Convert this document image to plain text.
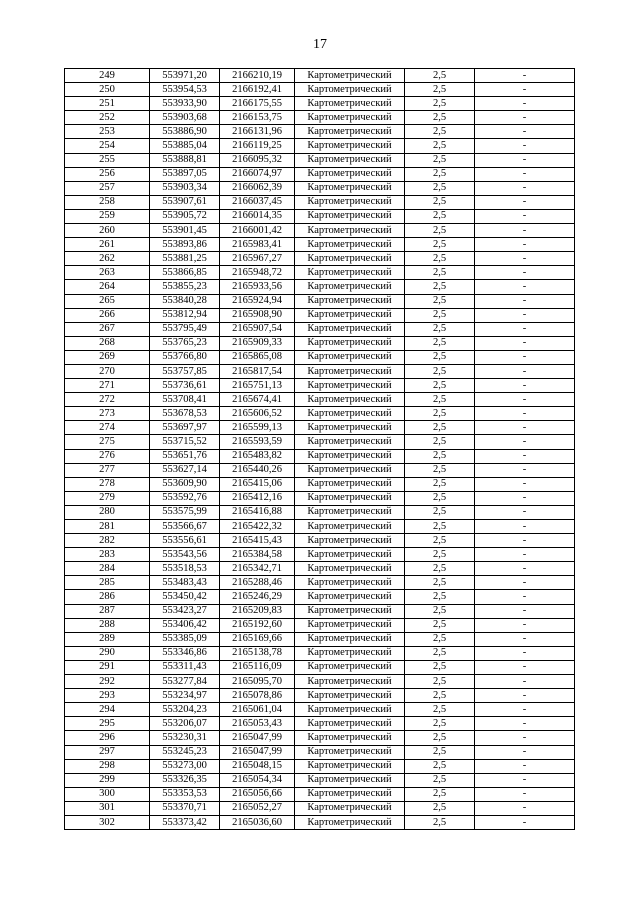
17
249	553971,20	2166210,19	Картометрический	2,5	-
250	553954,53	2166192,41	Картометрический	2,5	-
251	553933,90	2166175,55	Картометрический	2,5	-
252	553903,68	2166153,75	Картометрический	2,5	-
253	553886,90	2166131,96	Картометрический	2,5	-
254	553885,04	2166119,25	Картометрический	2,5	-
255	553888,81	2166095,32	Картометрический	2,5	-
256	553897,05	2166074,97	Картометрический	2,5	-
257	553903,34	2166062,39	Картометрический	2,5	-
258	553907,61	2166037,45	Картометрический	2,5	-
259	553905,72	2166014,35	Картометрический	2,5	-
260	553901,45	2166001,42	Картометрический	2,5	-
261	553893,86	2165983,41	Картометрический	2,5	-
262	553881,25	2165967,27	Картометрический	2,5	-
263	553866,85	2165948,72	Картометрический	2,5	-
264	553855,23	2165933,56	Картометрический	2,5	-
265	553840,28	2165924,94	Картометрический	2,5	-
266	553812,94	2165908,90	Картометрический	2,5	-
267	553795,49	2165907,54	Картометрический	2,5	-
268	553765,23	2165909,33	Картометрический	2,5	-
269	553766,80	2165865,08	Картометрический	2,5	-
270	553757,85	2165817,54	Картометрический	2,5	-
271	553736,61	2165751,13	Картометрический	2,5	-
272	553708,41	2165674,41	Картометрический	2,5	-
273	553678,53	2165606,52	Картометрический	2,5	-
274	553697,97	2165599,13	Картометрический	2,5	-
275	553715,52	2165593,59	Картометрический	2,5	-
276	553651,76	2165483,82	Картометрический	2,5	-
277	553627,14	2165440,26	Картометрический	2,5	-
278	553609,90	2165415,06	Картометрический	2,5	-
279	553592,76	2165412,16	Картометрический	2,5	-
280	553575,99	2165416,88	Картометрический	2,5	-
281	553566,67	2165422,32	Картометрический	2,5	-
282	553556,61	2165415,43	Картометрический	2,5	-
283	553543,56	2165384,58	Картометрический	2,5	-
284	553518,53	2165342,71	Картометрический	2,5	-
285	553483,43	2165288,46	Картометрический	2,5	-
286	553450,42	2165246,29	Картометрический	2,5	-
287	553423,27	2165209,83	Картометрический	2,5	-
288	553406,42	2165192,60	Картометрический	2,5	-
289	553385,09	2165169,66	Картометрический	2,5	-
290	553346,86	2165138,78	Картометрический	2,5	-
291	553311,43	2165116,09	Картометрический	2,5	-
292	553277,84	2165095,70	Картометрический	2,5	-
293	553234,97	2165078,86	Картометрический	2,5	-
294	553204,23	2165061,04	Картометрический	2,5	-
295	553206,07	2165053,43	Картометрический	2,5	-
296	553230,31	2165047,99	Картометрический	2,5	-
297	553245,23	2165047,99	Картометрический	2,5	-
298	553273,00	2165048,15	Картометрический	2,5	-
299	553326,35	2165054,34	Картометрический	2,5	-
300	553353,53	2165056,66	Картометрический	2,5	-
301	553370,71	2165052,27	Картометрический	2,5	-
302	553373,42	2165036,60	Картометрический	2,5	-
